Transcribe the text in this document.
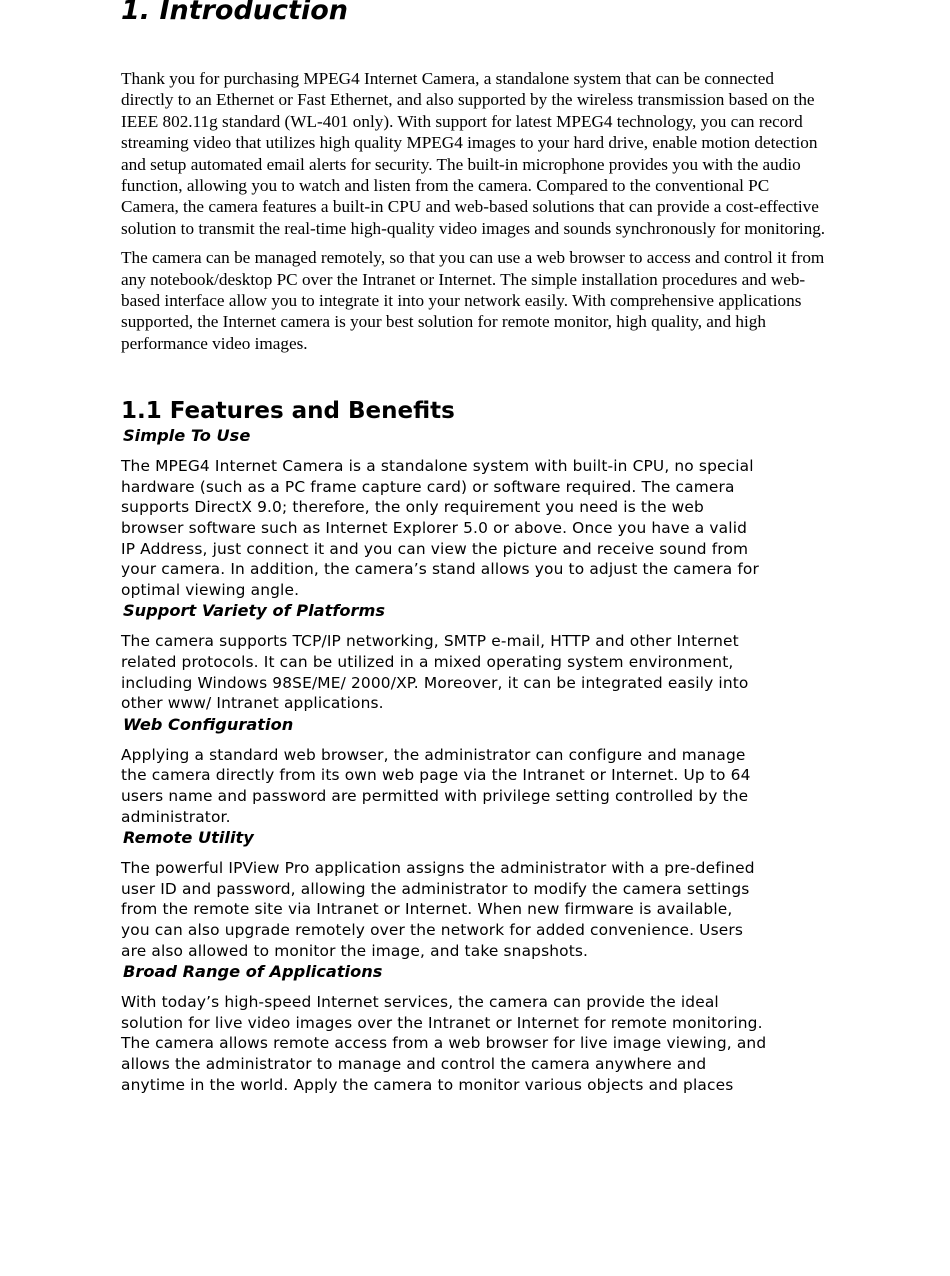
1. Introduction

Thank you for purchasing MPEG4 Internet Camera, a standalone system that can be connected directly to an Ethernet or Fast Ethernet, and also supported by the wireless transmission based on the IEEE 802.11g standard (WL-401 only). With support for latest MPEG4 technology, you can record streaming video that utilizes high quality MPEG4 images to your hard drive, enable motion detection and setup automated email alerts for security. The built-in microphone provides you with the audio function, allowing you to watch and listen from the camera. Compared to the conventional PC Camera, the camera features a built-in CPU and web-based solutions that can provide a cost-effective solution to transmit the real-time high-quality video images and sounds synchronously for monitoring.

The camera can be managed remotely, so that you can use a web browser to access and control it from any notebook/desktop PC over the Intranet or Internet. The simple installation procedures and web-based interface allow you to integrate it into your network easily. With comprehensive applications supported, the Internet camera is your best solution for remote monitor, high quality, and high performance video images.

1.1 Features and Benefits
Simple To Use

The MPEG4 Internet Camera is a standalone system with built-in CPU, no special
hardware (such as a PC frame capture card) or software required. The camera
supports DirectX 9.0; therefore, the only requirement you need is the web
browser software such as Internet Explorer 5.0 or above. Once you have a valid
IP Address, just connect it and you can view the picture and receive sound from
your camera. In addition, the camera’s stand allows you to adjust the camera for
optimal viewing angle.

Support Variety of Platforms

The camera supports TCP/IP networking, SMTP e-mail, HTTP and other Internet
related protocols. It can be utilized in a mixed operating system environment,
including Windows 98SE/ME/ 2000/XP. Moreover, it can be integrated easily into
other www/ Intranet applications.

Web Configuration

Applying a standard web browser, the administrator can configure and manage
the camera directly from its own web page via the Intranet or Internet. Up to 64
users name and password are permitted with privilege setting controlled by the
administrator.

Remote Utility

The powerful IPView Pro application assigns the administrator with a pre-defined
user ID and password, allowing the administrator to modify the camera settings
from the remote site via Intranet or Internet. When new firmware is available,
you can also upgrade remotely over the network for added convenience. Users
are also allowed to monitor the image, and take snapshots.

Broad Range of Applications

With today’s high-speed Internet services, the camera can provide the ideal
solution for live video images over the Intranet or Internet for remote monitoring.
The camera allows remote access from a web browser for live image viewing, and
allows the administrator to manage and control the camera anywhere and
anytime in the world. Apply the camera to monitor various objects and places
